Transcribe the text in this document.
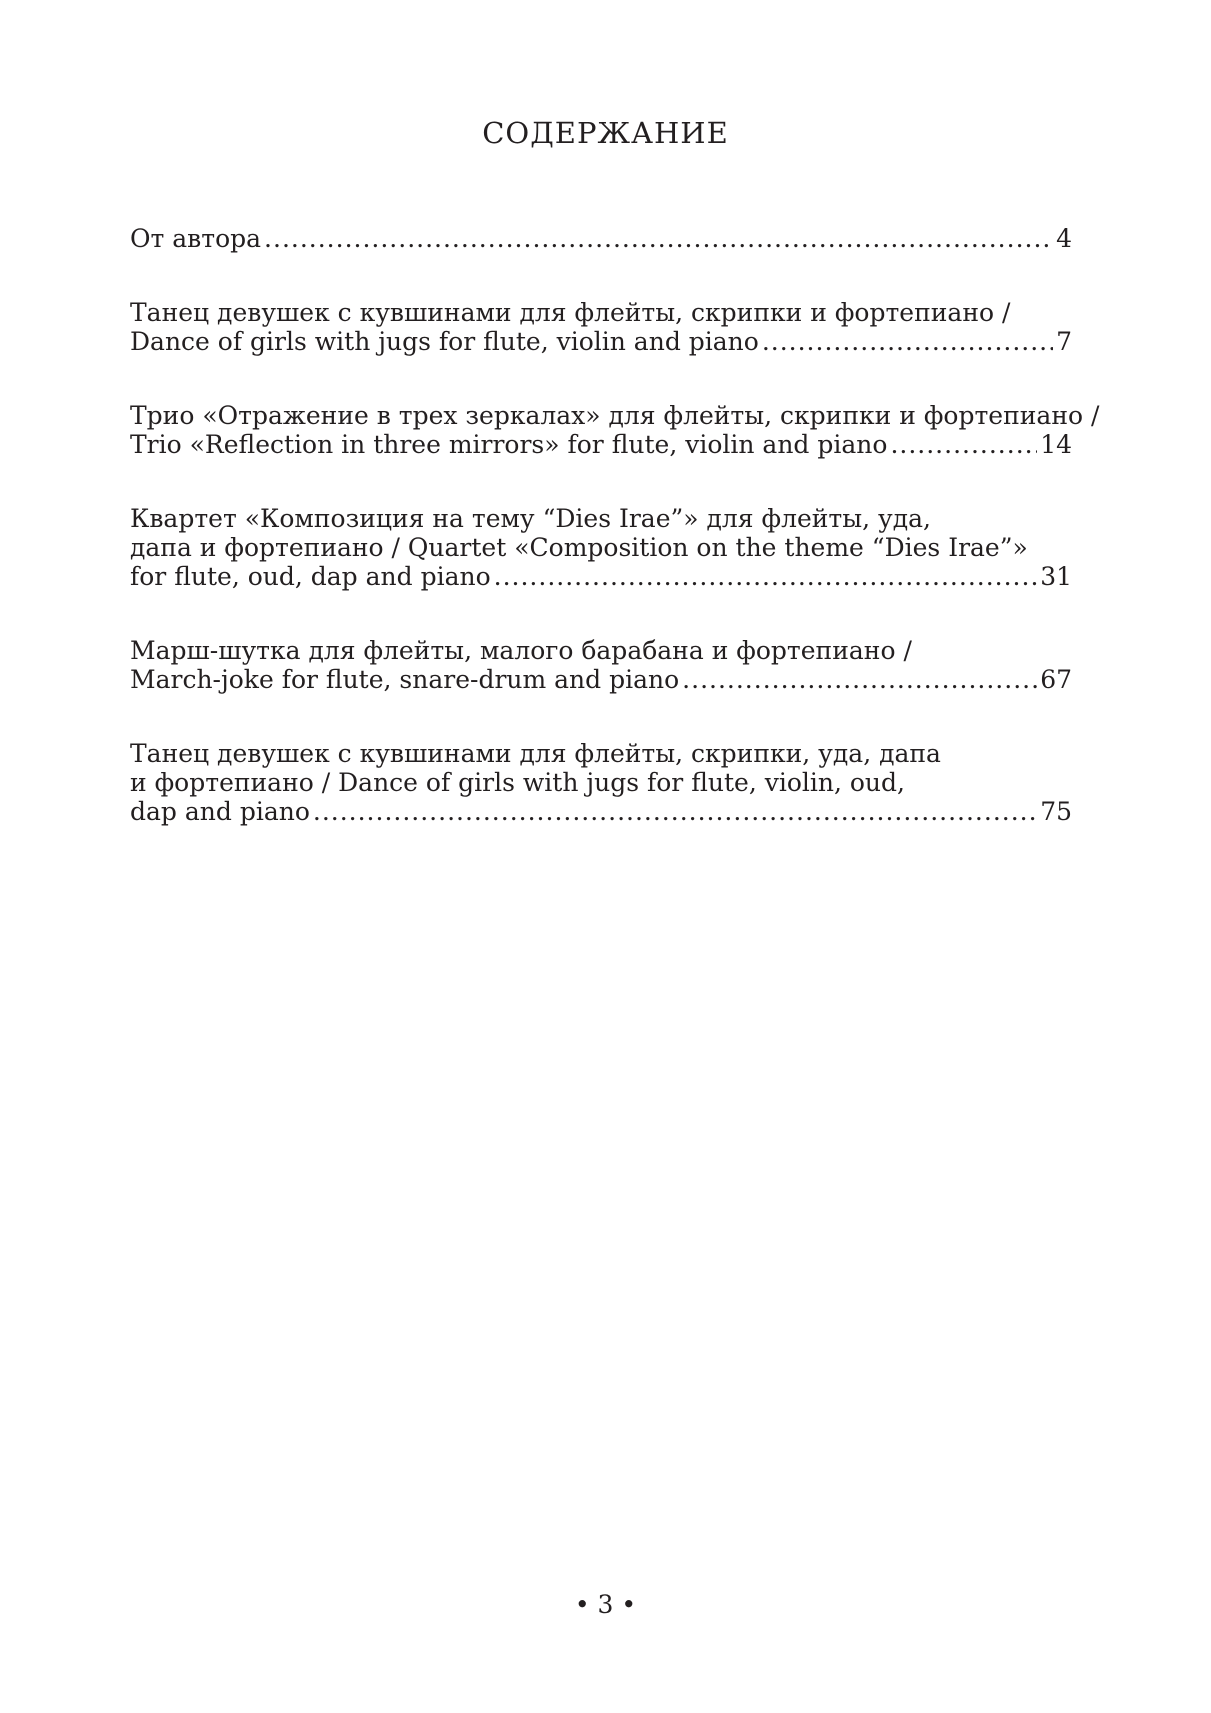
СОДЕРЖАНИЕ
От автора .....	4
Танец девушек с кувшинами для флейты, скрипки и фортепиано /
Dance of girls with jugs for flute, violin and piano .....	7
Трио «Отражение в трех зеркалах» для флейты, скрипки и фортепиано /
Trio «Reflection in three mirrors» for flute, violin and piano .....	14
Квартет «Композиция на тему “Dies Irae”» для флейты, уда,
дапа и фортепиано / Quartet «Composition on the theme “Dies Irae”»
for flute, oud, dap and piano .....	31
Марш-шутка для флейты, малого барабана и фортепиано /
March-joke for flute, snare-drum and piano .....	67
Танец девушек с кувшинами для флейты, скрипки, уда, дапа
и фортепиано / Dance of girls with jugs for flute, violin, oud,
dap and piano .....	75
• 3 •
